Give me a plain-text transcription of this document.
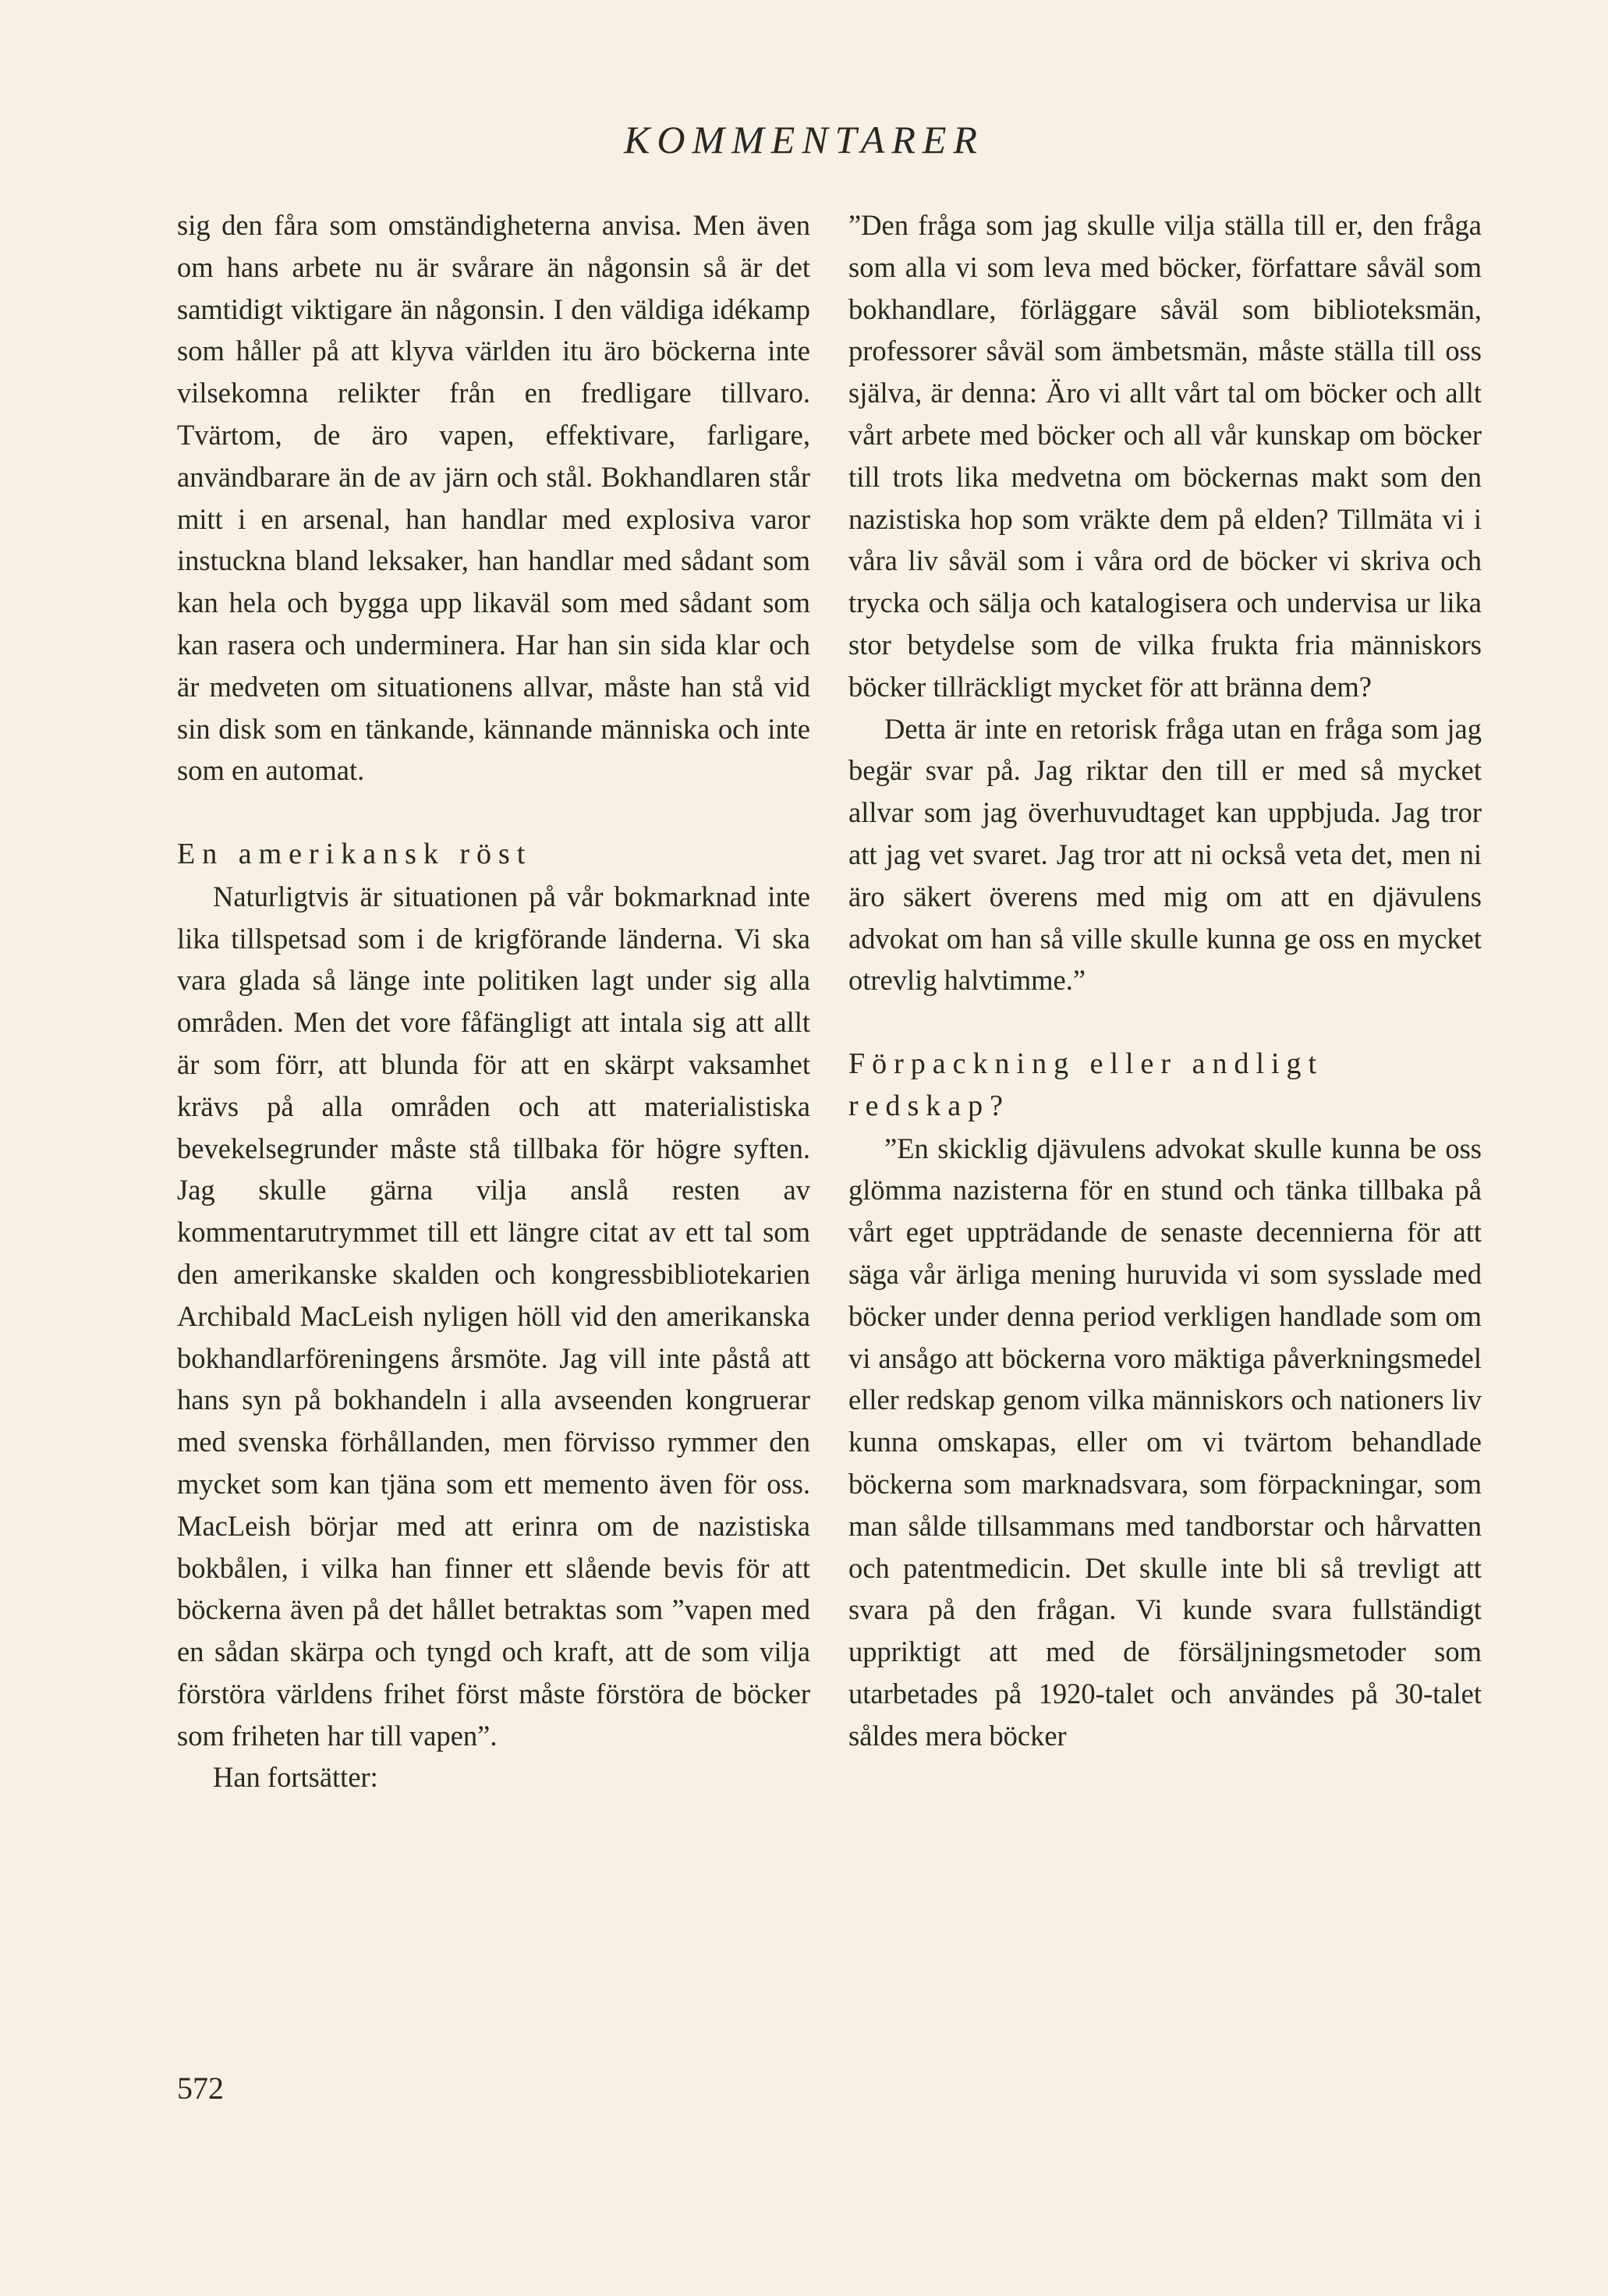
KOMMENTARER

sig den fåra som omständigheterna anvisa. Men även om hans arbete nu är svårare än någonsin så är det samtidigt viktigare än någonsin. I den väldiga idékamp som håller på att klyva världen itu äro böckerna inte vilsekomna relikter från en fredligare tillvaro. Tvärtom, de äro vapen, effektivare, farligare, användbarare än de av järn och stål. Bokhandlaren står mitt i en arsenal, han handlar med explosiva varor instuckna bland leksaker, han handlar med sådant som kan hela och bygga upp likaväl som med sådant som kan rasera och underminera. Har han sin sida klar och är medveten om situationens allvar, måste han stå vid sin disk som en tänkande, kännande människa och inte som en automat.

En amerikansk röst

Naturligtvis är situationen på vår bokmarknad inte lika tillspetsad som i de krigförande länderna. Vi ska vara glada så länge inte politiken lagt under sig alla områden. Men det vore fåfängligt att intala sig att allt är som förr, att blunda för att en skärpt vaksamhet krävs på alla områden och att materialistiska bevekelsegrunder måste stå tillbaka för högre syften. Jag skulle gärna vilja anslå resten av kommentarutrymmet till ett längre citat av ett tal som den amerikanske skalden och kongressbibliotekarien Archibald MacLeish nyligen höll vid den amerikanska bokhandlarföreningens årsmöte. Jag vill inte påstå att hans syn på bokhandeln i alla avseenden kongruerar med svenska förhållanden, men förvisso rymmer den mycket som kan tjäna som ett memento även för oss. MacLeish börjar med att erinra om de nazistiska bokbålen, i vilka han finner ett slående bevis för att böckerna även på det hållet betraktas som ”vapen med en sådan skärpa och tyngd och kraft, att de som vilja förstöra världens frihet först måste förstöra de böcker som friheten har till vapen”.

Han fortsätter:

”Den fråga som jag skulle vilja ställa till er, den fråga som alla vi som leva med böcker, författare såväl som bokhandlare, förläggare såväl som biblioteksmän, professorer såväl som ämbetsmän, måste ställa till oss själva, är denna: Äro vi allt vårt tal om böcker och allt vårt arbete med böcker och all vår kunskap om böcker till trots lika medvetna om böckernas makt som den nazistiska hop som vräkte dem på elden? Tillmäta vi i våra liv såväl som i våra ord de böcker vi skriva och trycka och sälja och katalogisera och undervisa ur lika stor betydelse som de vilka frukta fria människors böcker tillräckligt mycket för att bränna dem?

Detta är inte en retorisk fråga utan en fråga som jag begär svar på. Jag riktar den till er med så mycket allvar som jag överhuvudtaget kan uppbjuda. Jag tror att jag vet svaret. Jag tror att ni också veta det, men ni äro säkert överens med mig om att en djävulens advokat om han så ville skulle kunna ge oss en mycket otrevlig halvtimme.”

Förpackning eller andligt redskap?

”En skicklig djävulens advokat skulle kunna be oss glömma nazisterna för en stund och tänka tillbaka på vårt eget uppträdande de senaste decennierna för att säga vår ärliga mening huruvida vi som sysslade med böcker under denna period verkligen handlade som om vi ansågo att böckerna voro mäktiga påverkningsmedel eller redskap genom vilka människors och nationers liv kunna omskapas, eller om vi tvärtom behandlade böckerna som marknadsvara, som förpackningar, som man sålde tillsammans med tandborstar och hårvatten och patentmedicin. Det skulle inte bli så trevligt att svara på den frågan. Vi kunde svara fullständigt uppriktigt att med de försäljningsmetoder som utarbetades på 1920-talet och användes på 30-talet såldes mera böcker

572
